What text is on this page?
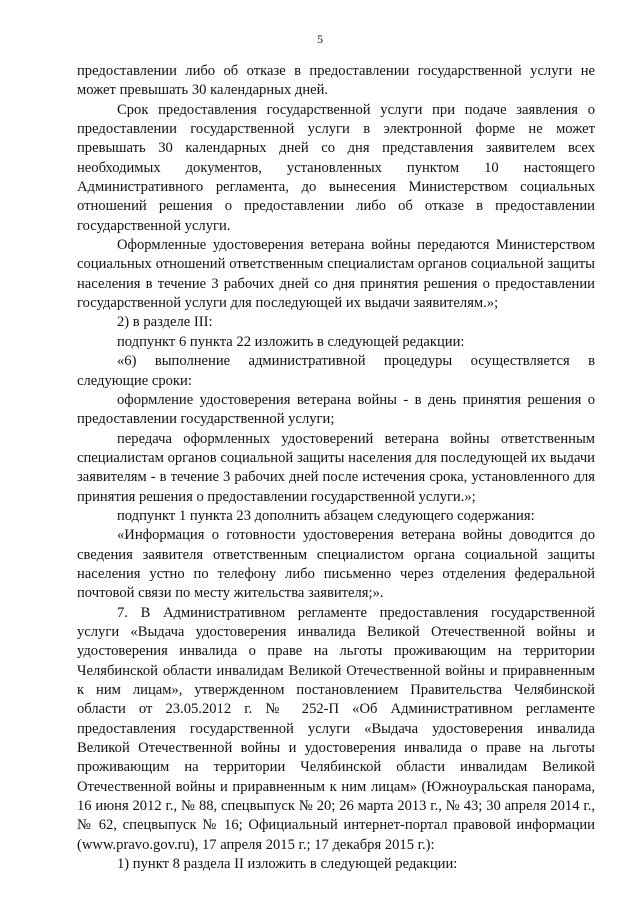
5

предоставлении либо об отказе в предоставлении государственной услуги не может превышать 30 календарных дней.

Срок предоставления государственной услуги при подаче заявления о предоставлении государственной услуги в электронной форме не может превышать 30 календарных дней со дня представления заявителем всех необходимых документов, установленных пунктом 10 настоящего Административного регламента, до вынесения Министерством социальных отношений решения о предоставлении либо об отказе в предоставлении государственной услуги.

Оформленные удостоверения ветерана войны передаются Министерством социальных отношений ответственным специалистам органов социальной защиты населения в течение 3 рабочих дней со дня принятия решения о предоставлении государственной услуги для последующей их выдачи заявителям.»;

2) в разделе III:

подпункт 6 пункта 22 изложить в следующей редакции:

«6) выполнение административной процедуры осуществляется в следующие сроки:

оформление удостоверения ветерана войны - в день принятия решения о предоставлении государственной услуги;

передача оформленных удостоверений ветерана войны ответственным специалистам органов социальной защиты населения для последующей их выдачи заявителям - в течение 3 рабочих дней после истечения срока, установленного для принятия решения о предоставлении государственной услуги.»;

подпункт 1 пункта 23 дополнить абзацем следующего содержания:

«Информация о готовности удостоверения ветерана войны доводится до сведения заявителя ответственным специалистом органа социальной защиты населения устно по телефону либо письменно через отделения федеральной почтовой связи по месту жительства заявителя;».

7. В Административном регламенте предоставления государственной услуги «Выдача удостоверения инвалида Великой Отечественной войны и удостоверения инвалида о праве на льготы проживающим на территории Челябинской области инвалидам Великой Отечественной войны и приравненным к ним лицам», утвержденном постановлением Правительства Челябинской области от 23.05.2012 г. № 252-П «Об Административном регламенте предоставления государственной услуги «Выдача удостоверения инвалида Великой Отечественной войны и удостоверения инвалида о праве на льготы проживающим на территории Челябинской области инвалидам Великой Отечественной войны и приравненным к ним лицам» (Южноуральская панорама, 16 июня 2012 г., № 88, спецвыпуск № 20; 26 марта 2013 г., № 43; 30 апреля 2014 г., № 62, спецвыпуск № 16; Официальный интернет-портал правовой информации (www.pravo.gov.ru), 17 апреля 2015 г.; 17 декабря 2015 г.):

1) пункт 8 раздела II изложить в следующей редакции:
